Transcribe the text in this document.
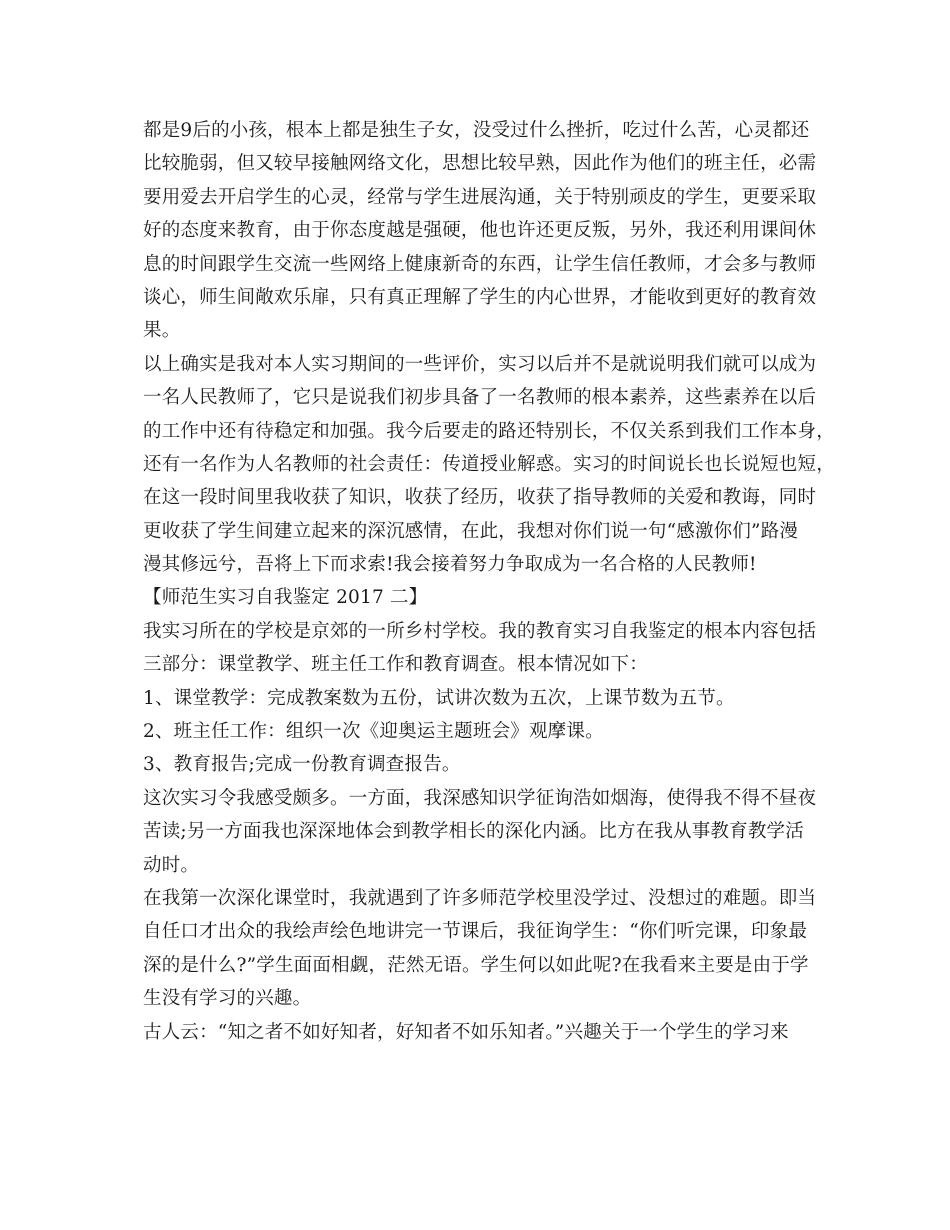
都是9后的小孩，根本上都是独生子女，没受过什么挫折，吃过什么苦，心灵都还
比较脆弱，但又较早接触网络文化，思想比较早熟，因此作为他们的班主任，必需
要用爱去开启学生的心灵，经常与学生进展沟通，关于特别顽皮的学生，更要采取
好的态度来教育，由于你态度越是强硬，他也许还更反叛，另外，我还利用课间休
息的时间跟学生交流一些网络上健康新奇的东西，让学生信任教师，才会多与教师
谈心，师生间敞欢乐扉，只有真正理解了学生的内心世界，才能收到更好的教育效
果。
以上确实是我对本人实习期间的一些评价，实习以后并不是就说明我们就可以成为
一名人民教师了，它只是说我们初步具备了一名教师的根本素养，这些素养在以后
的工作中还有待稳定和加强。我今后要走的路还特别长，不仅关系到我们工作本身，
还有一名作为人名教师的社会责任：传道授业解惑。实习的时间说长也长说短也短，
在这一段时间里我收获了知识，收获了经历，收获了指导教师的关爱和教诲，同时
更收获了学生间建立起来的深沉感情，在此，我想对你们说一句“感激你们”路漫
漫其修远兮，吾将上下而求索!我会接着努力争取成为一名合格的人民教师!
【师范生实习自我鉴定 2017 二】
我实习所在的学校是京郊的一所乡村学校。我的教育实习自我鉴定的根本内容包括
三部分：课堂教学、班主任工作和教育调查。根本情况如下：
1、课堂教学：完成教案数为五份，试讲次数为五次，上课节数为五节。
2、班主任工作：组织一次《迎奥运主题班会》观摩课。
3、教育报告;完成一份教育调查报告。
这次实习令我感受颇多。一方面，我深感知识学征询浩如烟海，使得我不得不昼夜
苦读;另一方面我也深深地体会到教学相长的深化内涵。比方在我从事教育教学活
动时。
在我第一次深化课堂时，我就遇到了许多师范学校里没学过、没想过的难题。即当
自任口才出众的我绘声绘色地讲完一节课后，我征询学生：“你们听完课，印象最
深的是什么?”学生面面相觑，茫然无语。学生何以如此呢?在我看来主要是由于学
生没有学习的兴趣。
古人云：“知之者不如好知者，好知者不如乐知者。”兴趣关于一个学生的学习来
